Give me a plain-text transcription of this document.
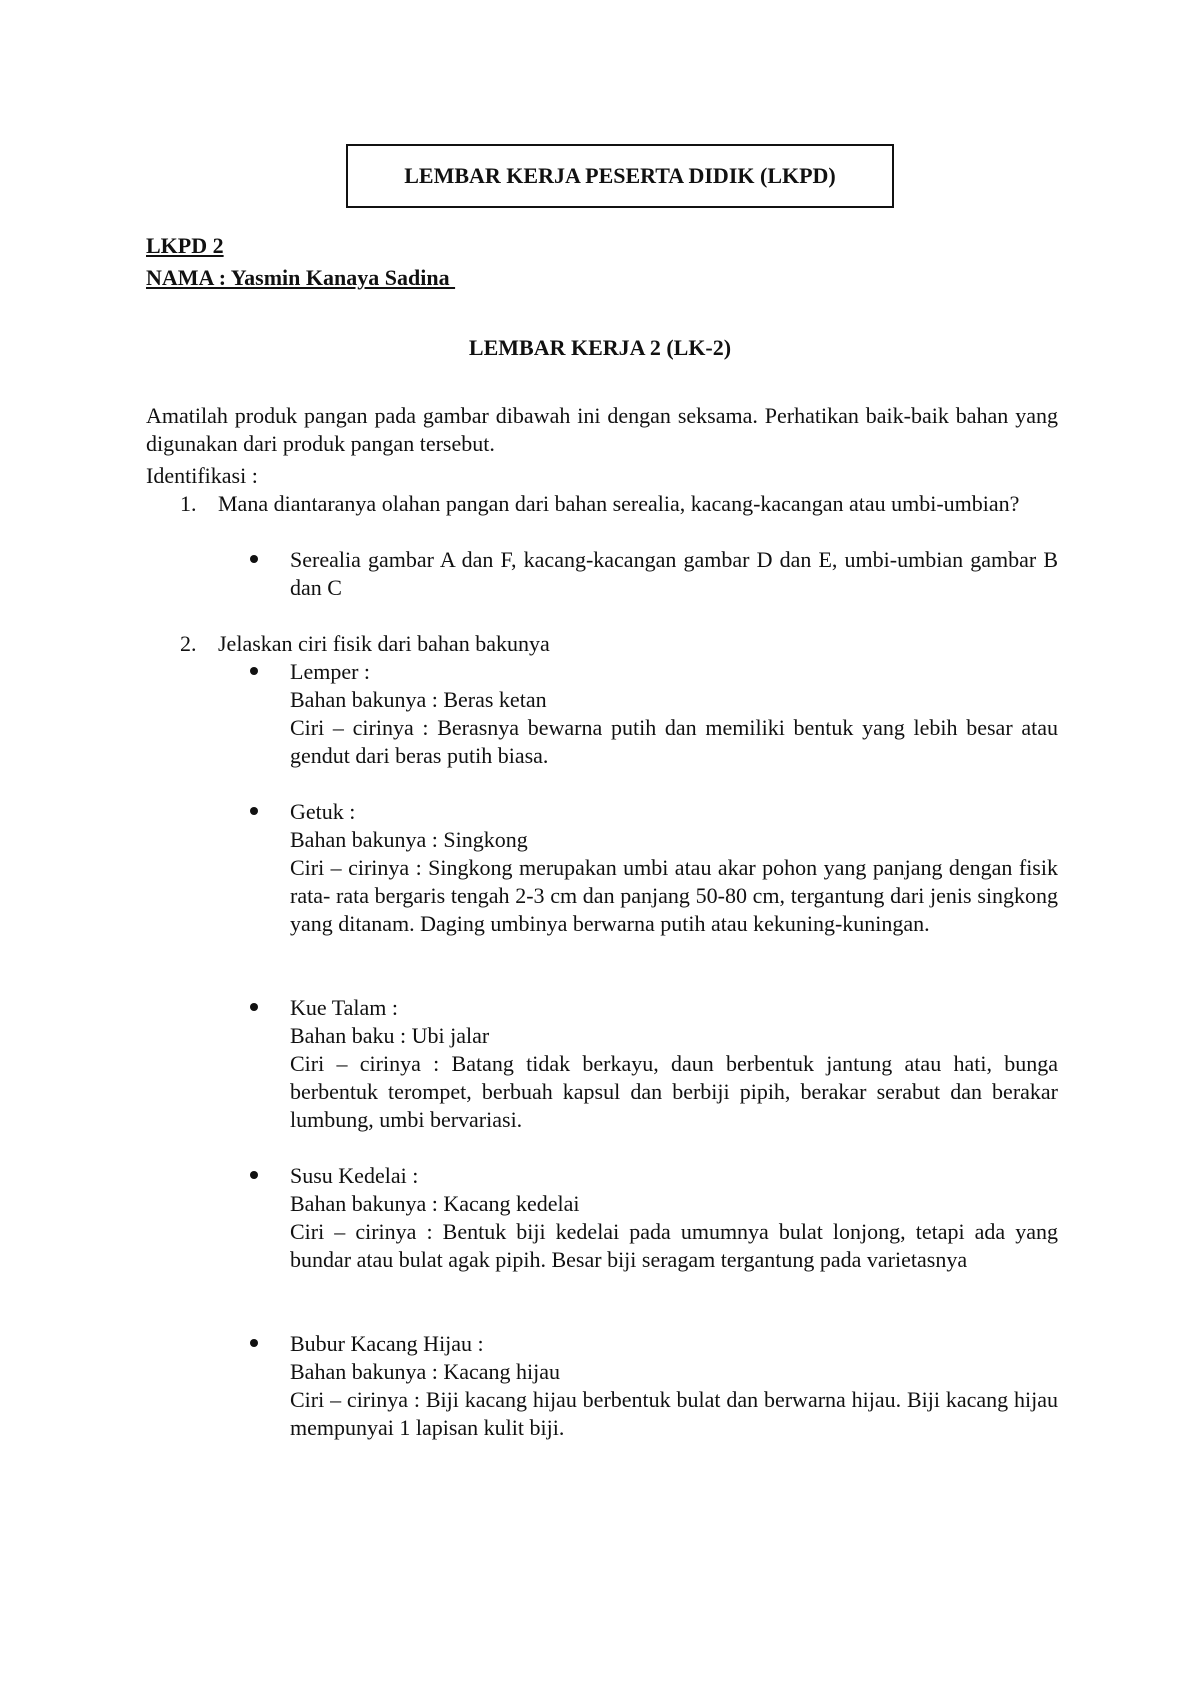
LEMBAR KERJA PESERTA DIDIK (LKPD)
LKPD 2
NAMA : Yasmin Kanaya Sadina
LEMBAR KERJA 2 (LK-2)
Amatilah produk pangan pada gambar dibawah ini dengan seksama. Perhatikan baik-baik bahan yang digunakan dari produk pangan tersebut.
Identifikasi :
1. Mana diantaranya olahan pangan dari bahan serealia, kacang-kacangan atau umbi-umbian?
Serealia gambar A dan F, kacang-kacangan gambar D dan E, umbi-umbian gambar B dan C
2. Jelaskan ciri fisik dari bahan bakunya
Lemper :
Bahan bakunya : Beras ketan
Ciri – cirinya : Berasnya bewarna putih dan memiliki bentuk yang lebih besar atau gendut dari beras putih biasa.
Getuk :
Bahan bakunya : Singkong
Ciri – cirinya : Singkong merupakan umbi atau akar pohon yang panjang dengan fisik rata- rata bergaris tengah 2-3 cm dan panjang 50-80 cm, tergantung dari jenis singkong yang ditanam. Daging umbinya berwarna putih atau kekuning-kuningan.
Kue Talam :
Bahan baku : Ubi jalar
Ciri – cirinya : Batang tidak berkayu, daun berbentuk jantung atau hati, bunga berbentuk terompet, berbuah kapsul dan berbiji pipih, berakar serabut dan berakar lumbung, umbi bervariasi.
Susu Kedelai :
Bahan bakunya : Kacang kedelai
Ciri – cirinya : Bentuk biji kedelai pada umumnya bulat lonjong, tetapi ada yang bundar atau bulat agak pipih. Besar biji seragam tergantung pada varietasnya
Bubur Kacang Hijau :
Bahan bakunya : Kacang hijau
Ciri – cirinya : Biji kacang hijau berbentuk bulat dan berwarna hijau. Biji kacang hijau mempunyai 1 lapisan kulit biji.
